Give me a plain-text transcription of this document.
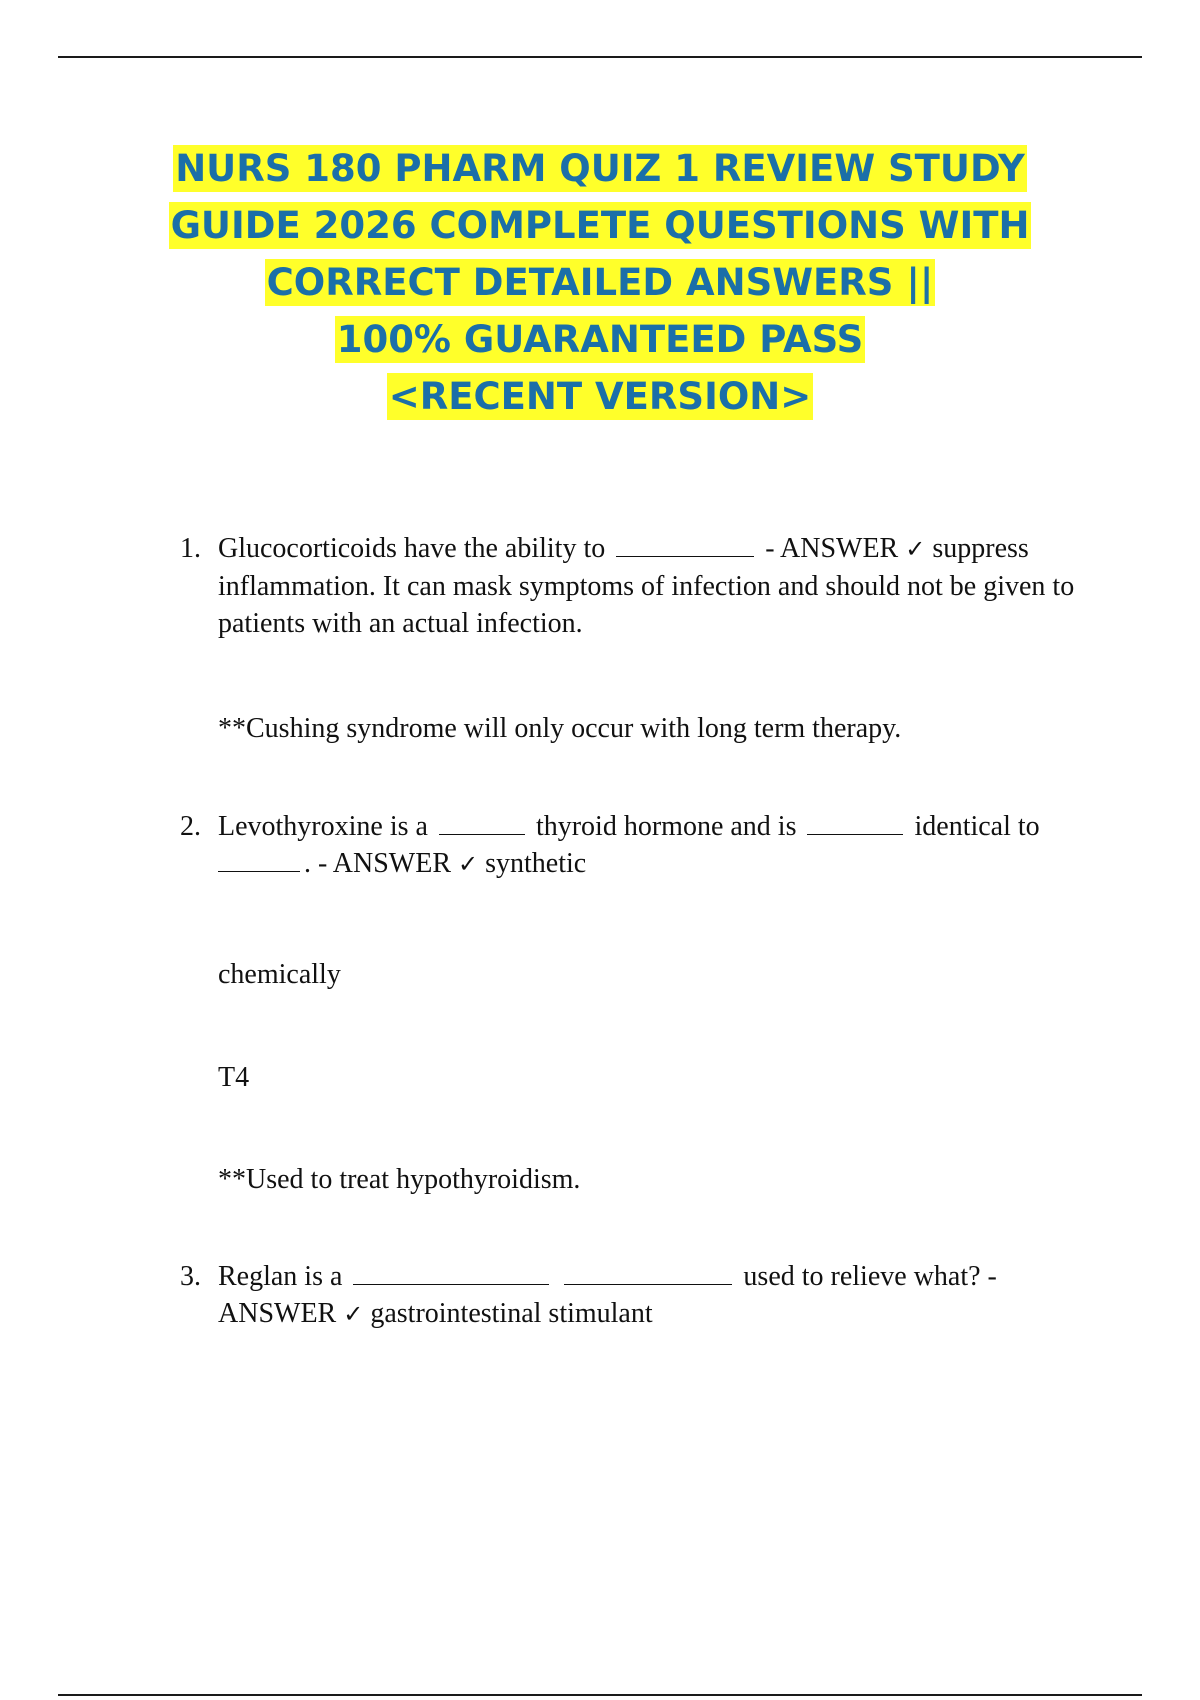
NURS 180 PHARM QUIZ 1 REVIEW STUDY
GUIDE 2026 COMPLETE QUESTIONS WITH
CORRECT DETAILED ANSWERS ||
100% GUARANTEED PASS
<RECENT VERSION>
1. Glucocorticoids have the ability to	- ANSWER ✓ suppress
inflammation. It can mask symptoms of infection and should not be given to
patients with an actual infection.
**Cushing syndrome will only occur with long term therapy.
2. Levothyroxine is a	thyroid hormone and is	identical to
. - ANSWER ✓ synthetic
chemically
T4
**Used to treat hypothyroidism.
3. Reglan is a	used to relieve what? -
ANSWER ✓ gastrointestinal stimulant
